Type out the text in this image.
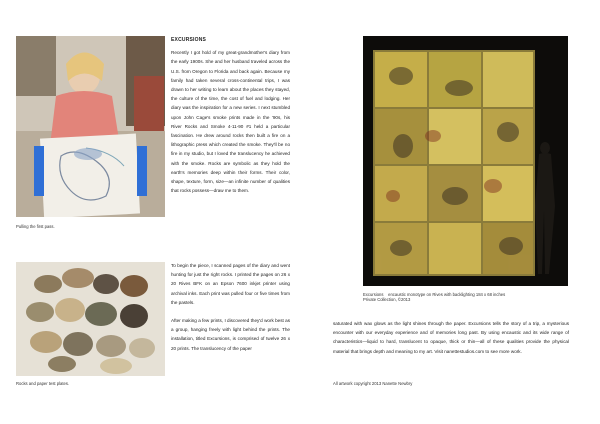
Pulling the first pass.
Rocks and paper test plates.
EXCURSIONS

Recently I got hold of my great-grandmother's diary from the early 1900s. She and her husband traveled across the U.S. from Oregon to Florida and back again. Because my family had taken several cross-continental trips, I was drawn to her writing to learn about the places they stayed, the culture of the time, the cost of fuel and lodging. Her diary was the inspiration for a new series. I next stumbled upon John Cage's smoke prints made in the '90s, his River Rocks and Smoke 4-11-90 #1 held a particular fascination. He drew around rocks then built a fire on a lithographic press which created the smoke. They'll be no fire in my studio, but I loved the translucency he achieved with the smoke. Rocks are symbolic as they hold the earth's memories deep within their forms. Their color, shape, texture, form, size—an infinite number of qualities that rocks possess—draw me to them.

To begin the piece, I scanned pages of the diary and went hunting for just the right rocks. I printed the pages on 26 x 20 Rives BFK on an Epson 7600 inkjet printer using archival inks. Each print was pulled four or five times from the pastels.

After making a few prints, I discovered they'd work best as a group, hanging freely with light behind the prints. The installation, titled Excursions, is comprised of twelve 26 x 20 prints. The translucency of the paper

Excursions    encaustic monotype on Rives with backlighting 184 x 68 inches
Private Collection, ©2013

saturated with wax glows as the light shines through the paper. Excursions tells the story of a trip, a mysterious encounter with our everyday experience and of memories long past. By using encaustic and its wide range of characteristics—liquid to hard, translucent to opaque, thick or thin—all of these qualities provide the physical material that brings depth and meaning to my art. Visit nanettestudios.com to see more work.

All artwork copyright 2013 Nanette Newbry
